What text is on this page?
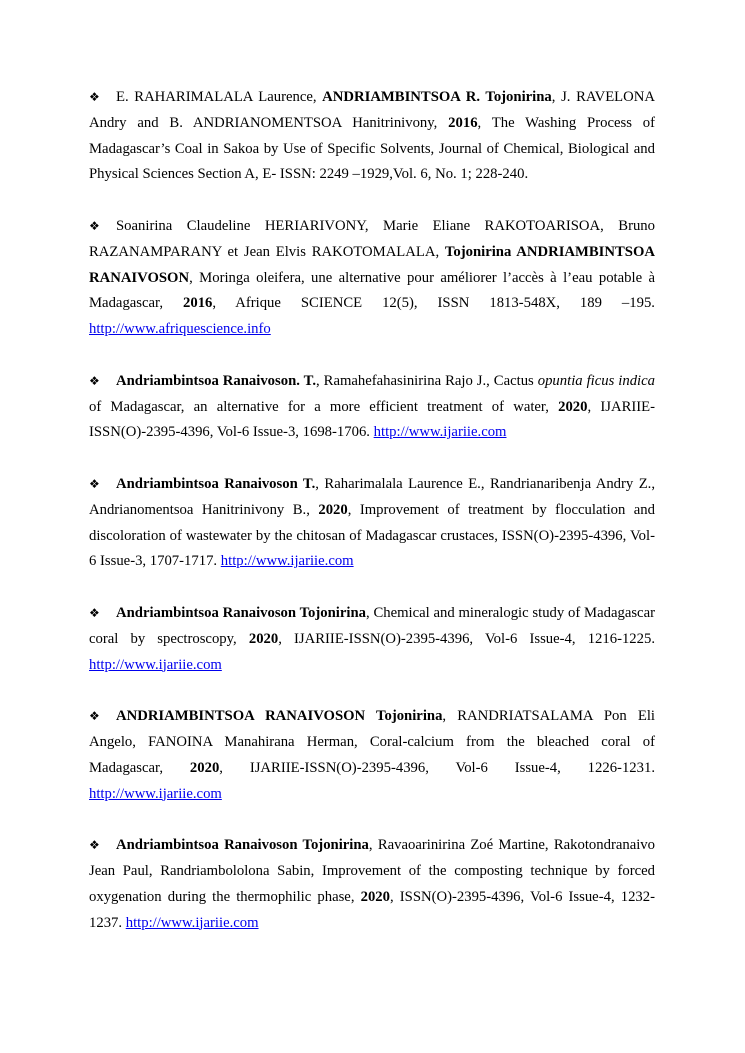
❖ E. RAHARIMALALA Laurence, ANDRIAMBINTSOA R. Tojonirina, J. RAVELONA Andry and B. ANDRIANOMENTSOA Hanitrinivony, 2016, The Washing Process of Madagascar’s Coal in Sakoa by Use of Specific Solvents, Journal of Chemical, Biological and Physical Sciences Section A, E- ISSN: 2249 –1929,Vol. 6, No. 1; 228-240.

❖ Soanirina Claudeline HERIARIVONY, Marie Eliane RAKOTOARISOA, Bruno RAZANAMPARANY et Jean Elvis RAKOTOMALALA, Tojonirina ANDRIAMBINTSOA RANAIVOSON, Moringa oleifera, une alternative pour améliorer l’accès à l’eau potable à Madagascar, 2016, Afrique SCIENCE 12(5), ISSN 1813-548X, 189 –195. http://www.afriquescience.info

❖ Andriambintsoa Ranaivoson. T., Ramahefahasinirina Rajo J., Cactus opuntia ficus indica of Madagascar, an alternative for a more efficient treatment of water, 2020, IJARIIE-ISSN(O)-2395-4396, Vol-6 Issue-3, 1698-1706. http://www.ijariie.com

❖ Andriambintsoa Ranaivoson T., Raharimalala Laurence E., Randrianaribenja Andry Z., Andrianomentsoa Hanitrinivony B., 2020, Improvement of treatment by flocculation and discoloration of wastewater by the chitosan of Madagascar crustaces, ISSN(O)-2395-4396, Vol-6 Issue-3, 1707-1717. http://www.ijariie.com

❖ Andriambintsoa Ranaivoson Tojonirina, Chemical and mineralogic study of Madagascar coral by spectroscopy, 2020, IJARIIE-ISSN(O)-2395-4396, Vol-6 Issue-4, 1216-1225. http://www.ijariie.com

❖ ANDRIAMBINTSOA RANAIVOSON Tojonirina, RANDRIATSALAMA Pon Eli Angelo, FANOINA Manahirana Herman, Coral-calcium from the bleached coral of Madagascar, 2020, IJARIIE-ISSN(O)-2395-4396, Vol-6 Issue-4, 1226-1231. http://www.ijariie.com

❖ Andriambintsoa Ranaivoson Tojonirina, Ravaoarinirina Zoé Martine, Rakotondranaivo Jean Paul, Randriambololona Sabin, Improvement of the composting technique by forced oxygenation during the thermophilic phase, 2020, ISSN(O)-2395-4396, Vol-6 Issue-4, 1232-1237. http://www.ijariie.com
